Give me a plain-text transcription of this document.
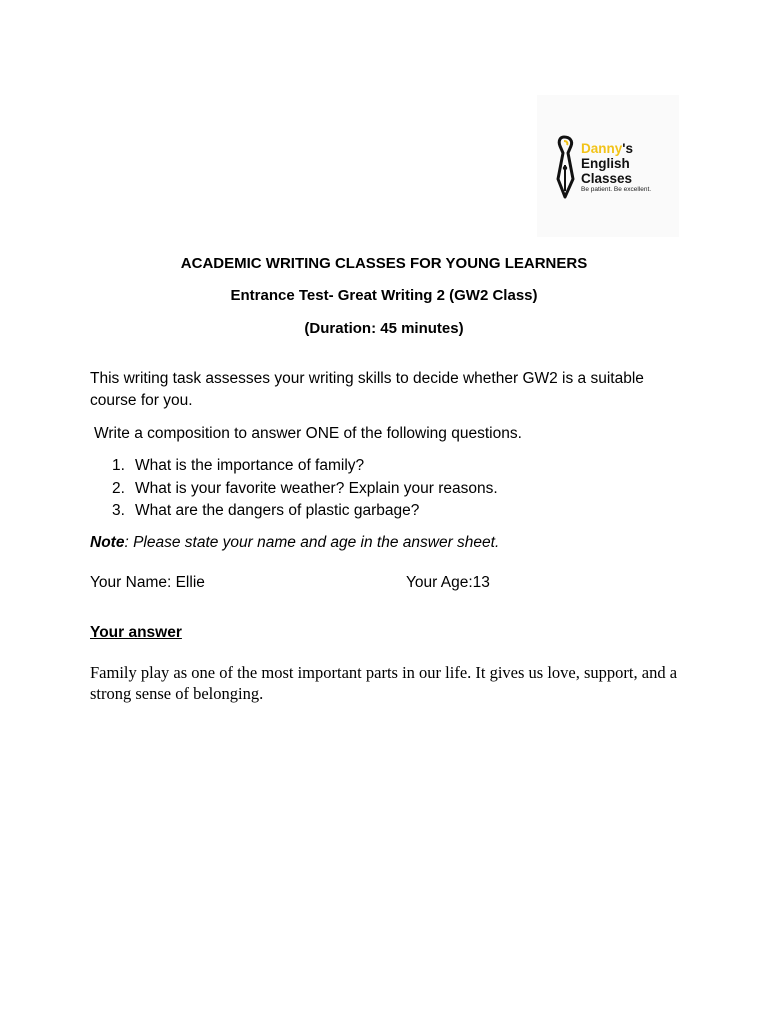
Danny's
English
Classes
Be patient. Be excellent.
ACADEMIC WRITING CLASSES FOR YOUNG LEARNERS
Entrance Test- Great Writing 2 (GW2 Class)
(Duration: 45 minutes)
This writing task assesses your writing skills to decide whether GW2 is a suitable course for you.
Write a composition to answer ONE of the following questions.
1. What is the importance of family?
2. What is your favorite weather? Explain your reasons.
3. What are the dangers of plastic garbage?
Note: Please state your name and age in the answer sheet.
Your Name: Ellie	Your Age:13
Your answer
Family play as one of the most important parts in our life. It gives us love, support, and a strong sense of belonging.
